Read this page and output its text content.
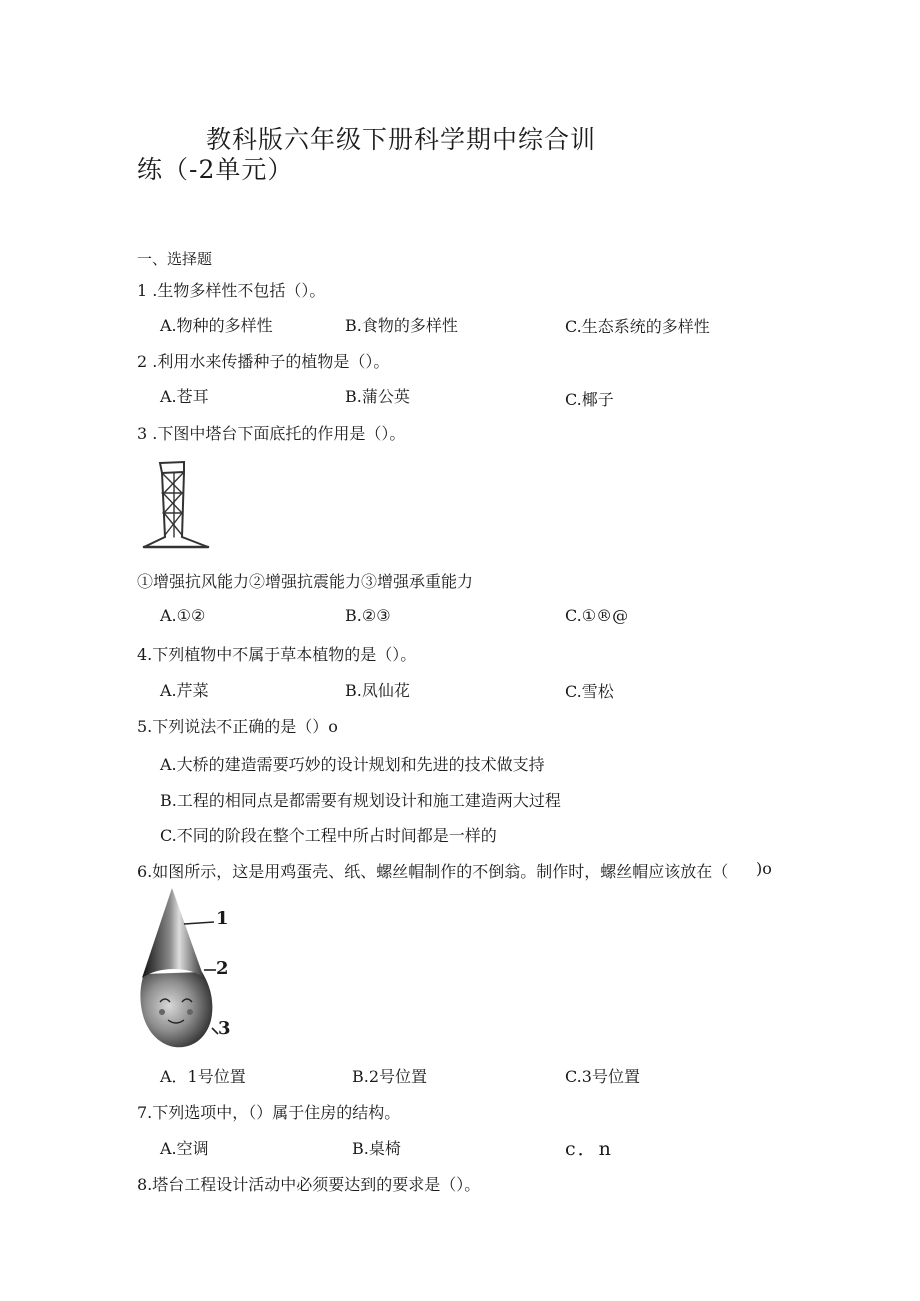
教科版六年级下册科学期中综合训
练（-2单元）
一、选择题
1 .生物多样性不包括（）。
A.物种的多样性	B.食物的多样性	C.生态系统的多样性
2 .利用水来传播种子的植物是（）。
A.苍耳	B.蒲公英	C.椰子
3 .下图中塔台下面底托的作用是（）。
①增强抗风能力②增强抗震能力③增强承重能力
A.①②	B.②③	C.①®@
4.下列植物中不属于草本植物的是（）。
A.芹菜	B.凤仙花	C.雪松
5.下列说法不正确的是（）o
A.大桥的建造需要巧妙的设计规划和先进的技术做支持
B.工程的相同点是都需要有规划设计和施工建造两大过程
C.不同的阶段在整个工程中所占时间都是一样的
6.如图所示，这是用鸡蛋壳、纸、螺丝帽制作的不倒翁。制作时，螺丝帽应该放在（ )o
1
2
3
A．1号位置	B.2号位置	C.3号位置
7.下列选项中，（）属于住房的结构。
A.空调	B.桌椅	c．n
8.塔台工程设计活动中必须要达到的要求是（）。
